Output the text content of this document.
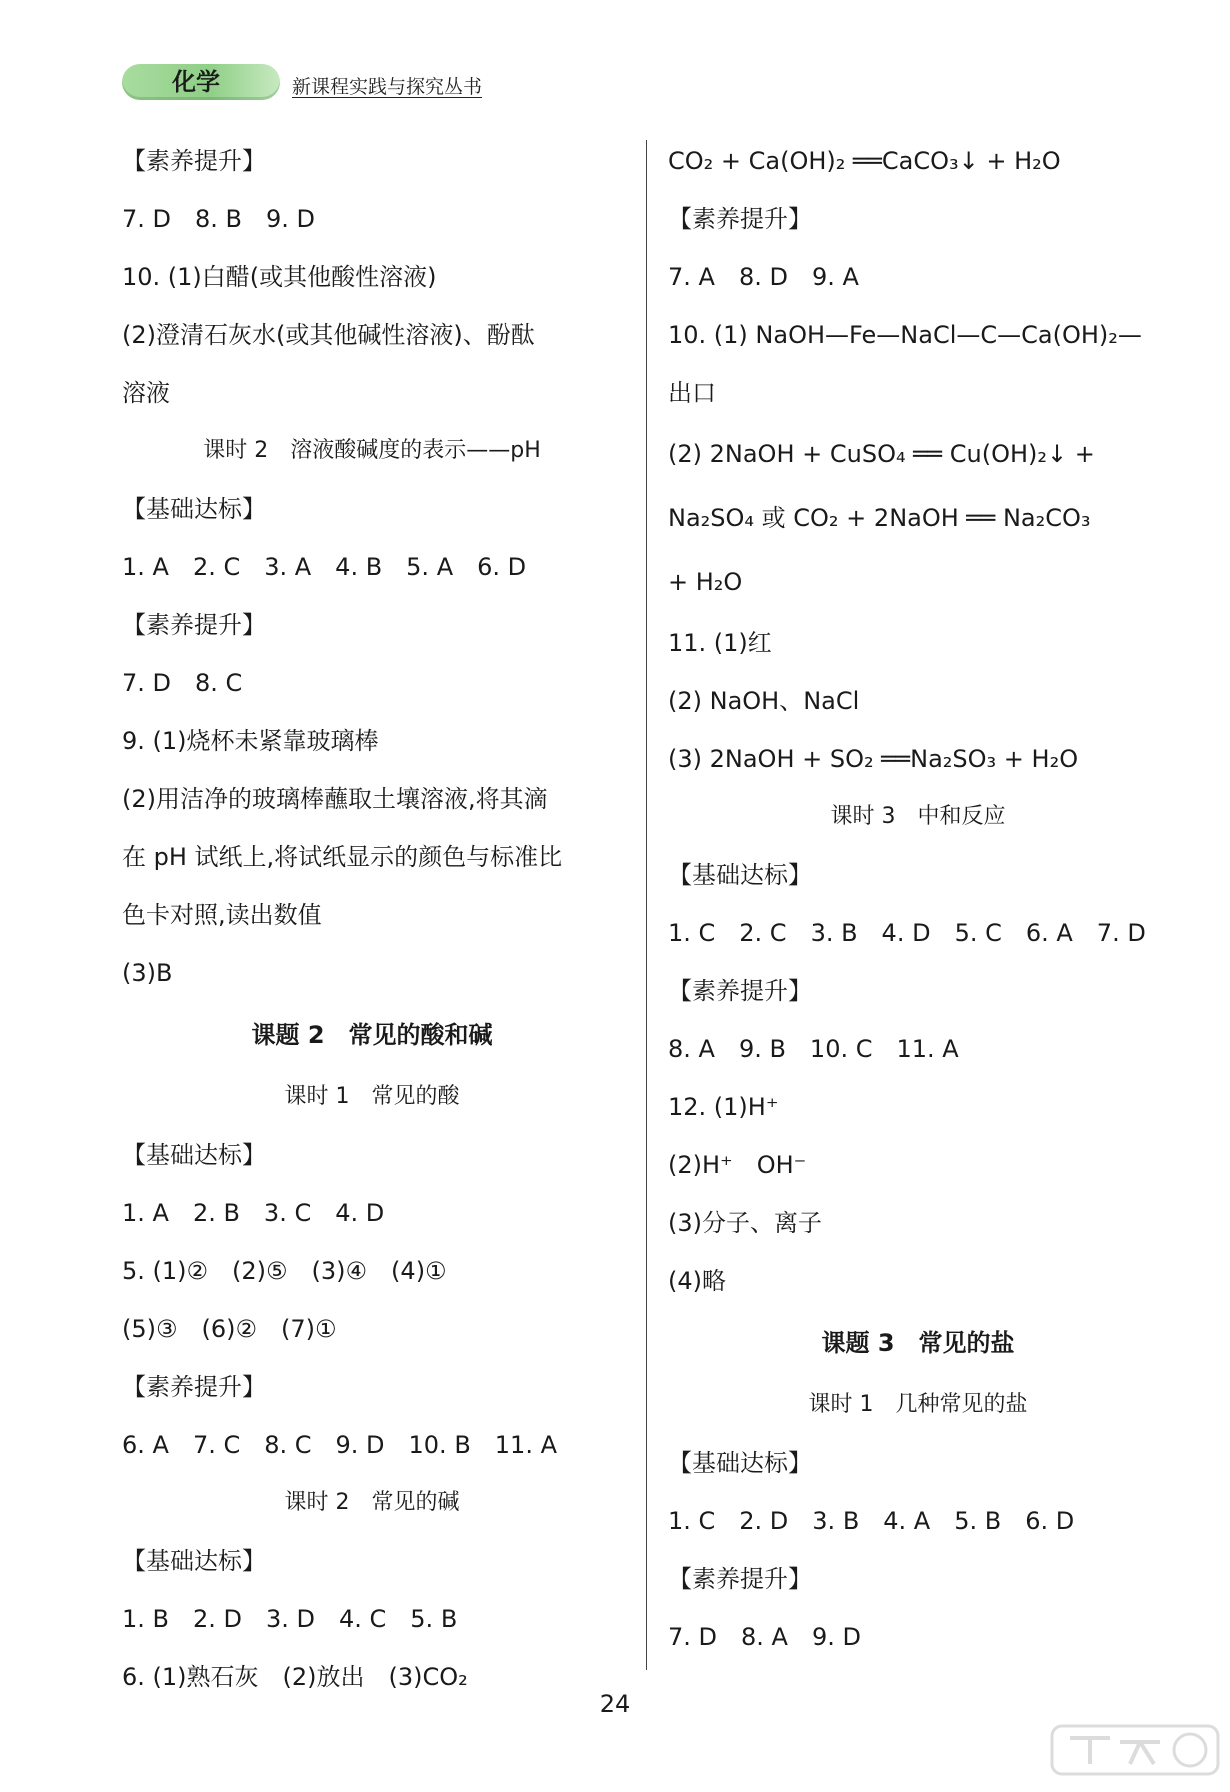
化学	新课程实践与探究丛书
【素养提升】
7. D　8. B　9. D
10. (1)白醋(或其他酸性溶液)
(2)澄清石灰水(或其他碱性溶液)、酚酞
溶液
课时 2　溶液酸碱度的表示——pH
【基础达标】
1. A　2. C　3. A　4. B　5. A　6. D
【素养提升】
7. D　8. C
9. (1)烧杯未紧靠玻璃棒
(2)用洁净的玻璃棒蘸取土壤溶液,将其滴
在 pH 试纸上,将试纸显示的颜色与标准比
色卡对照,读出数值
(3)B
课题 2　常见的酸和碱
课时 1　常见的酸
【基础达标】
1. A　2. B　3. C　4. D
5. (1)②　(2)⑤　(3)④　(4)①
(5)③　(6)②　(7)①
【素养提升】
6. A　7. C　8. C　9. D　10. B　11. A
课时 2　常见的碱
【基础达标】
1. B　2. D　3. D　4. C　5. B
6. (1)熟石灰　(2)放出　(3)CO₂
CO₂ + Ca(OH)₂ ══CaCO₃↓ + H₂O
【素养提升】
7. A　8. D　9. A
10. (1) NaOH—Fe—NaCl—C—Ca(OH)₂—
出口
(2) 2NaOH + CuSO₄ ══ Cu(OH)₂↓ +
Na₂SO₄ 或 CO₂ + 2NaOH ══ Na₂CO₃
+ H₂O
11. (1)红
(2) NaOH、NaCl
(3) 2NaOH + SO₂ ══Na₂SO₃ + H₂O
课时 3　中和反应
【基础达标】
1. C　2. C　3. B　4. D　5. C　6. A　7. D
【素养提升】
8. A　9. B　10. C　11. A
12. (1)H⁺
(2)H⁺　OH⁻
(3)分子、离子
(4)略
课题 3　常见的盐
课时 1　几种常见的盐
【基础达标】
1. C　2. D　3. B　4. A　5. B　6. D
【素养提升】
7. D　8. A　9. D
24
